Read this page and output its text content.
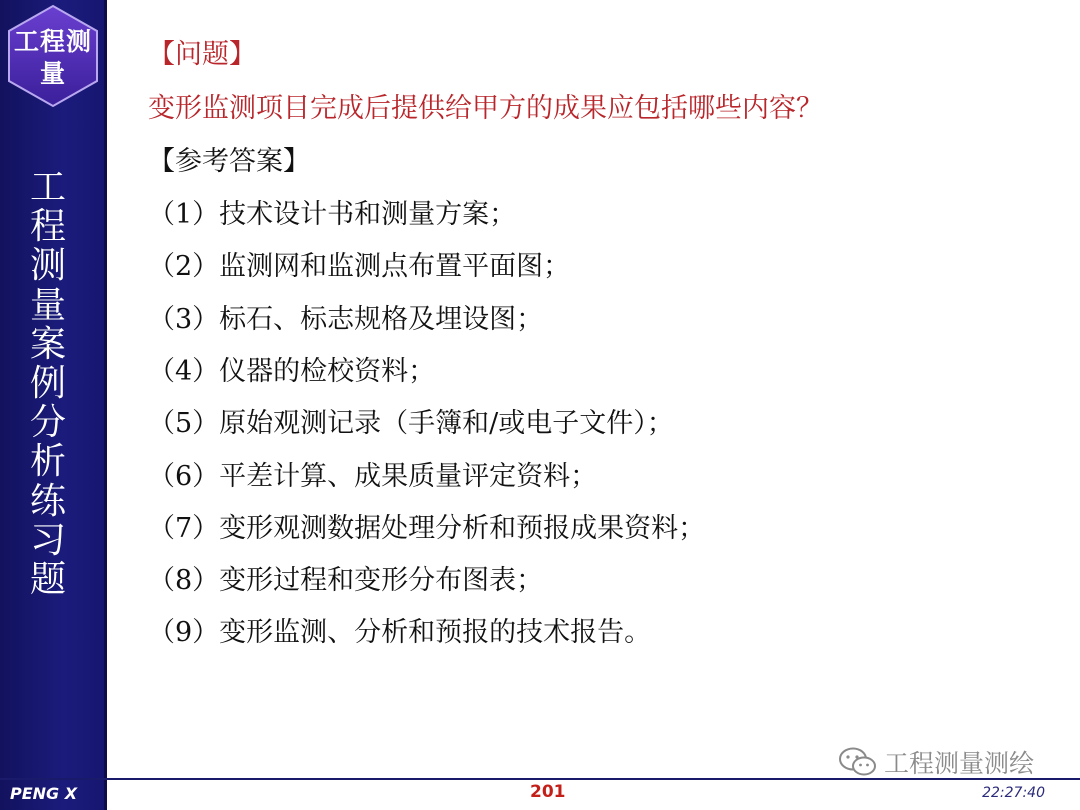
工程测量
工程测量案例分析练习题
PENG X
【问题】
变形监测项目完成后提供给甲方的成果应包括哪些内容？
【参考答案】
（1）技术设计书和测量方案；
（2）监测网和监测点布置平面图；
（3）标石、标志规格及埋设图；
（4）仪器的检校资料；
（5）原始观测记录（手簿和/或电子文件）；
（6）平差计算、成果质量评定资料；
（7）变形观测数据处理分析和预报成果资料；
（8）变形过程和变形分布图表；
（9）变形监测、分析和预报的技术报告。
工程测量测绘
201	22:27:40
